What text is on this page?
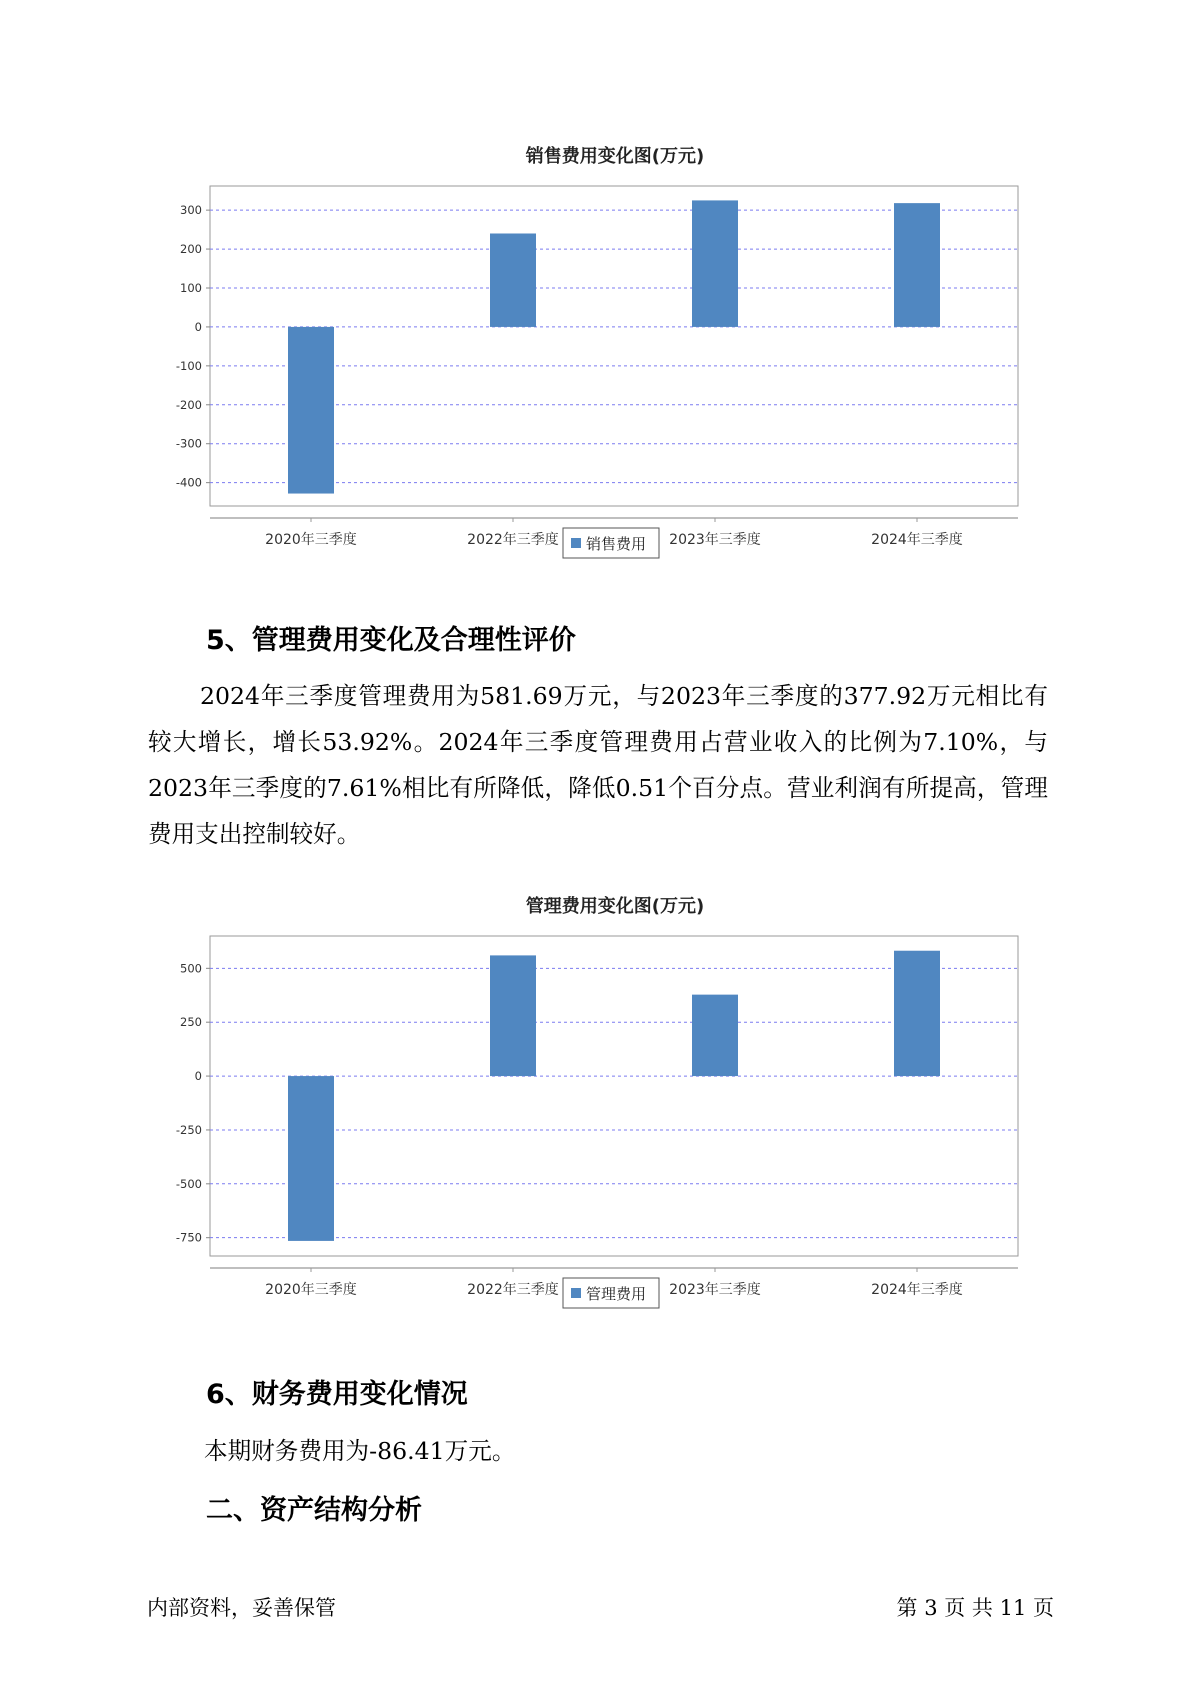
销售费用变化图(万元)
300
200
100
0
-100
-200
-300
-400
2020年三季度	2022年三季度	2023年三季度	2024年三季度
销售费用
5、管理费用变化及合理性评价

2024年三季度管理费用为581.69万元，与2023年三季度的377.92万元相比有较大增长，增长53.92%。2024年三季度管理费用占营业收入的比例为7.10%，与2023年三季度的7.61%相比有所降低，降低0.51个百分点。营业利润有所提高，管理费用支出控制较好。

管理费用变化图(万元)
500
250
0
-250
-500
-750
2020年三季度	2022年三季度	2023年三季度	2024年三季度
管理费用
6、财务费用变化情况

本期财务费用为-86.41万元。

二、资产结构分析

内部资料，妥善保管	第 3 页 共 11 页
